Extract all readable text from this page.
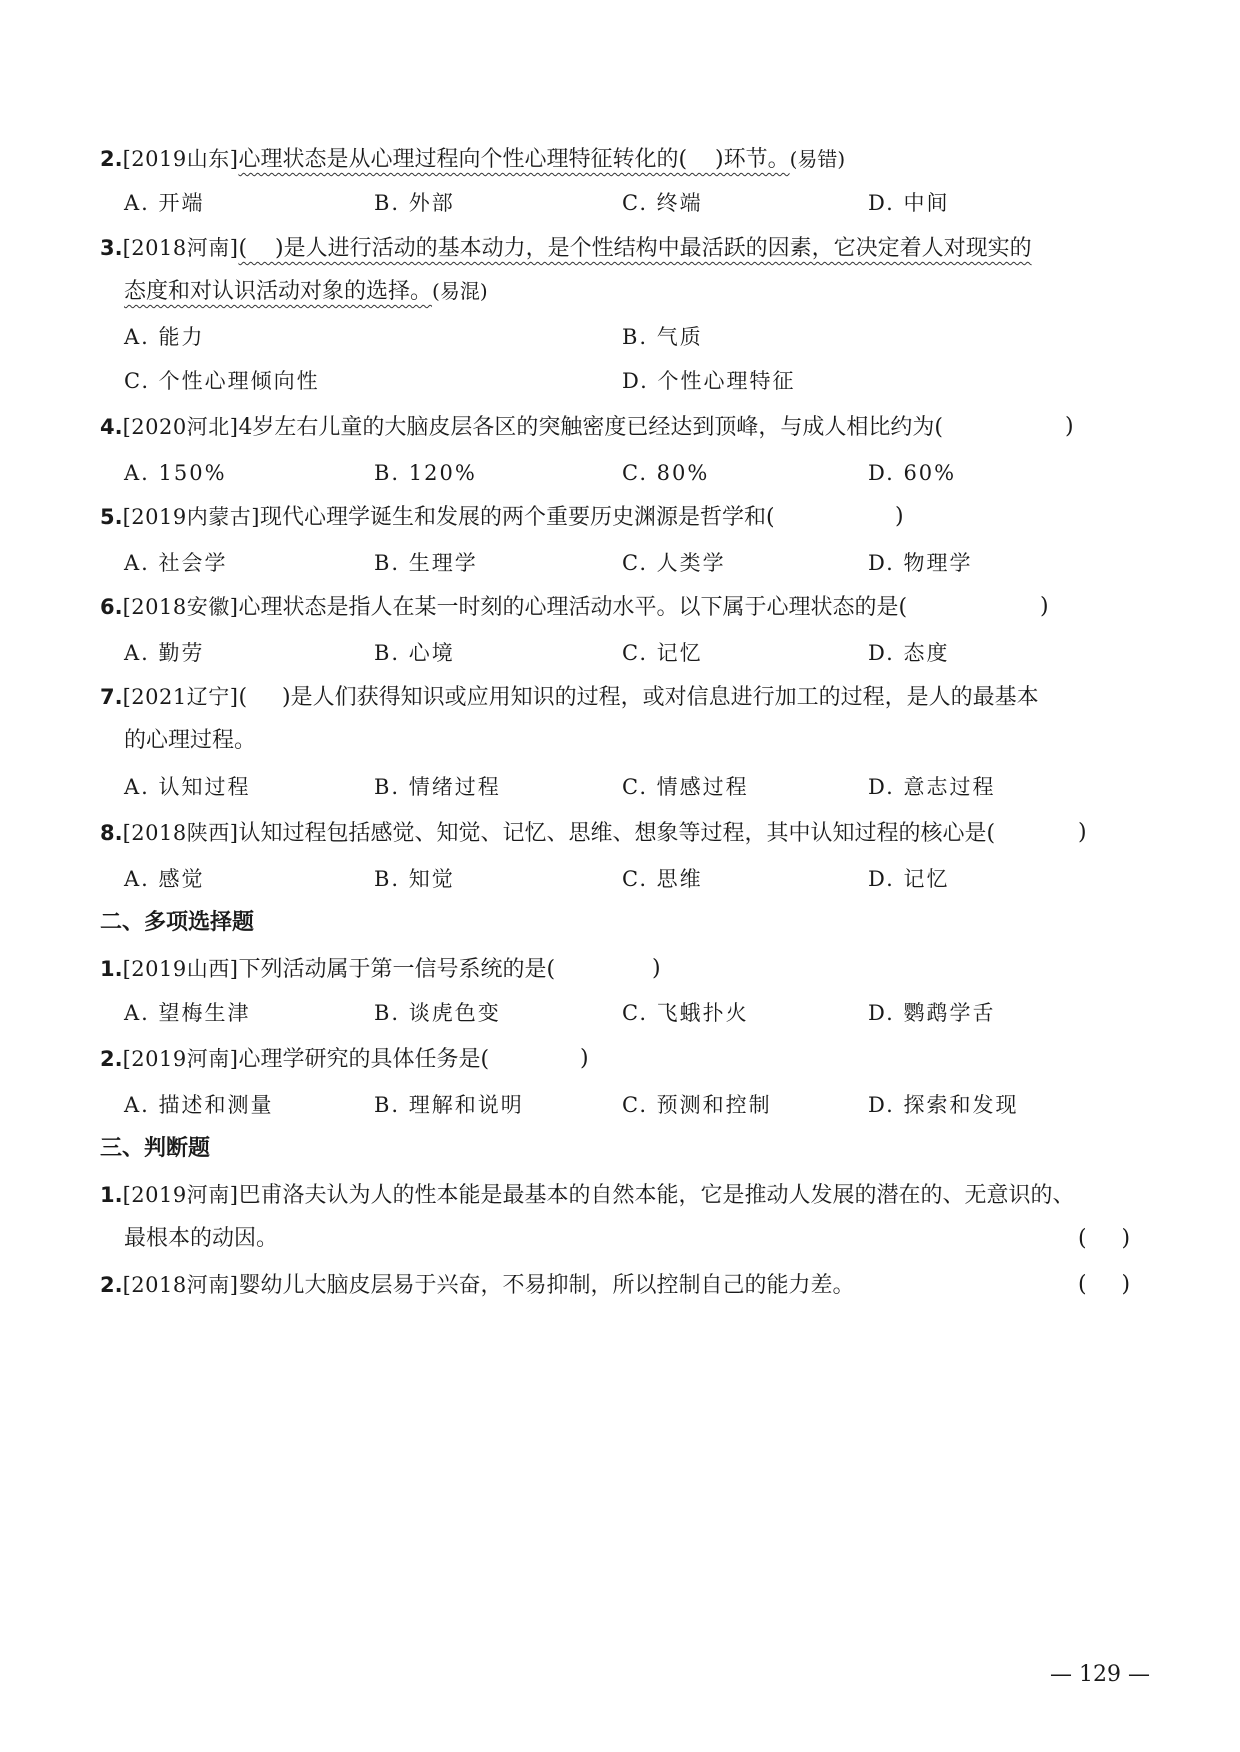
2.[2019山东]心理状态是从心理过程向个性心理特征转化的( )环节。(易错)
A. 开端	B. 外部	C. 终端	D. 中间
3.[2018河南](    )是人进行活动的基本动力，是个性结构中最活跃的因素，它决定着人对现实的
态度和对认识活动对象的选择。(易混)
A. 能力	B. 气质
C. 个性心理倾向性	D. 个性心理特征
4.[2020河北]4岁左右儿童的大脑皮层各区的突触密度已经达到顶峰，与成人相比约为(	)
A. 150%	B. 120%	C. 80%	D. 60%
5.[2019内蒙古]现代心理学诞生和发展的两个重要历史渊源是哲学和(	)
A. 社会学	B. 生理学	C. 人类学	D. 物理学
6.[2018安徽]心理状态是指人在某一时刻的心理活动水平。以下属于心理状态的是(	)
A. 勤劳	B. 心境	C. 记忆	D. 态度
7.[2021辽宁](     )是人们获得知识或应用知识的过程，或对信息进行加工的过程，是人的最基本
的心理过程。
A. 认知过程	B. 情绪过程	C. 情感过程	D. 意志过程
8.[2018陕西]认知过程包括感觉、知觉、记忆、思维、想象等过程，其中认知过程的核心是(	)
A. 感觉	B. 知觉	C. 思维	D. 记忆
二、多项选择题
1.[2019山西]下列活动属于第一信号系统的是(	)
A. 望梅生津	B. 谈虎色变	C. 飞蛾扑火	D. 鹦鹉学舌
2.[2019河南]心理学研究的具体任务是(	)
A. 描述和测量	B. 理解和说明	C. 预测和控制	D. 探索和发现
三、判断题
1.[2019河南]巴甫洛夫认为人的性本能是最基本的自然本能，它是推动人发展的潜在的、无意识的、
最根本的动因。	(     )
2.[2018河南]婴幼儿大脑皮层易于兴奋，不易抑制，所以控制自己的能力差。	(     )
— 129 —
